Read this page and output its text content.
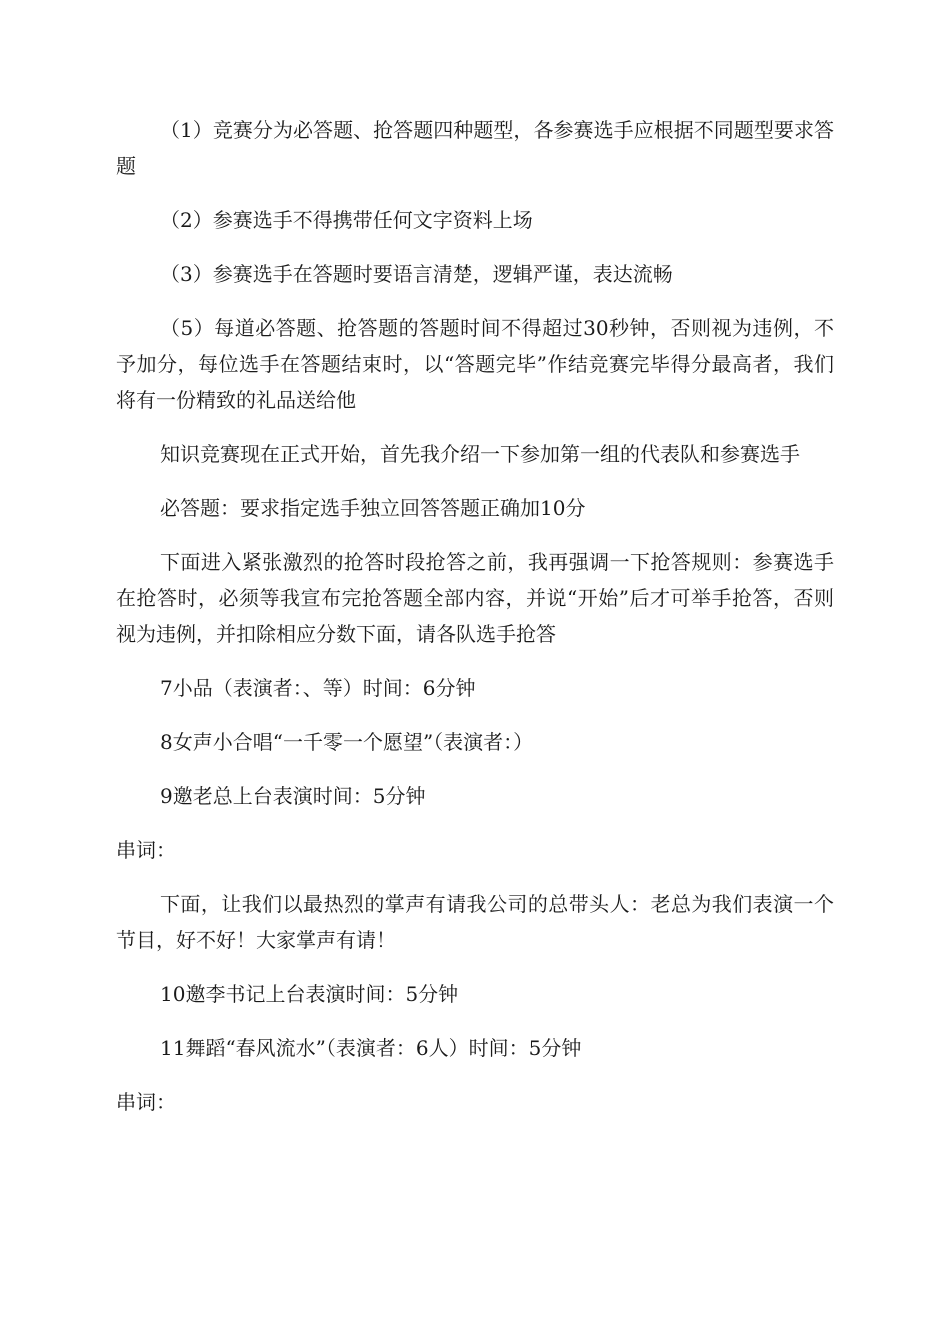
（1）竞赛分为必答题、抢答题四种题型，各参赛选手应根据不同题型要求答题

（2）参赛选手不得携带任何文字资料上场

（3）参赛选手在答题时要语言清楚，逻辑严谨，表达流畅

（5）每道必答题、抢答题的答题时间不得超过30秒钟，否则视为违例，不予加分，每位选手在答题结束时，以“答题完毕”作结竞赛完毕得分最高者，我们将有一份精致的礼品送给他

知识竞赛现在正式开始，首先我介绍一下参加第一组的代表队和参赛选手

必答题：要求指定选手独立回答答题正确加10分

下面进入紧张激烈的抢答时段抢答之前，我再强调一下抢答规则：参赛选手在抢答时，必须等我宣布完抢答题全部内容，并说“开始”后才可举手抢答，否则视为违例，并扣除相应分数下面，请各队选手抢答

7小品（表演者：、等）时间：6分钟

8女声小合唱“一千零一个愿望”（表演者：）

9邀老总上台表演时间：5分钟

串词：

下面，让我们以最热烈的掌声有请我公司的总带头人：老总为我们表演一个节目，好不好！大家掌声有请！

10邀李书记上台表演时间：5分钟

11舞蹈“春风流水”（表演者：6人）时间：5分钟

串词：
